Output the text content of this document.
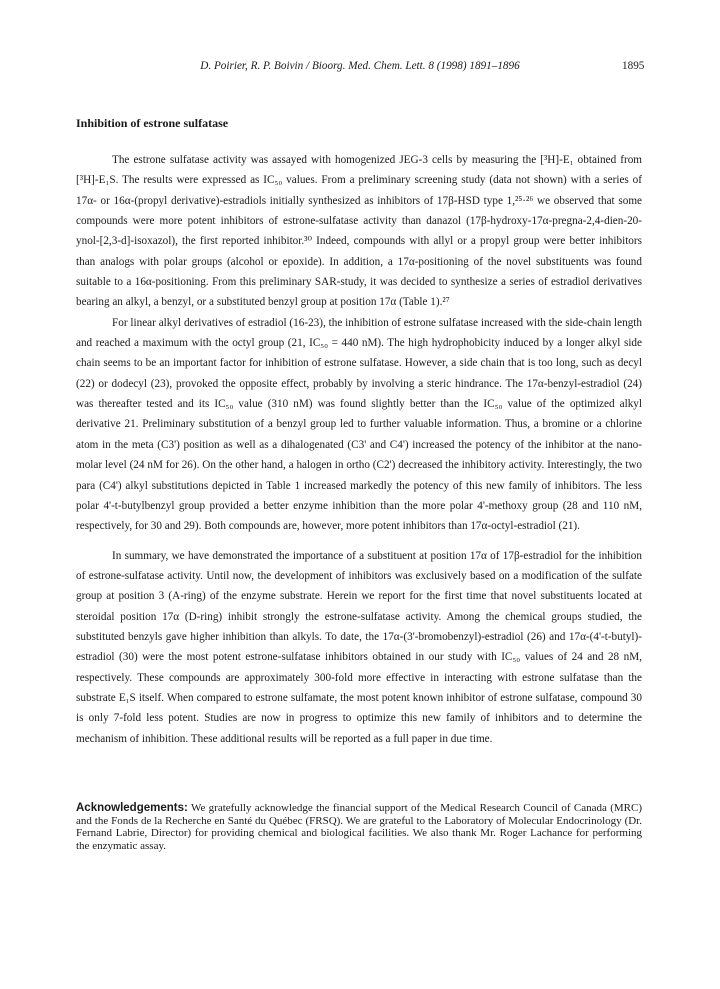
D. Poirier, R. P. Boivin / Bioorg. Med. Chem. Lett. 8 (1998) 1891–1896	1895
Inhibition of estrone sulfatase

The estrone sulfatase activity was assayed with homogenized JEG-3 cells by measuring the [³H]-E₁ obtained from [³H]-E₁S. The results were expressed as IC₅₀ values. From a preliminary screening study (data not shown) with a series of 17α- or 16α-(propyl derivative)-estradiols initially synthesized as inhibitors of 17β-HSD type 1,²⁵·²⁶ we observed that some compounds were more potent inhibitors of estrone-sulfatase activity than danazol (17β-hydroxy-17α-pregna-2,4-dien-20-ynol-[2,3-d]-isoxazol), the first reported inhibitor.³⁰ Indeed, compounds with allyl or a propyl group were better inhibitors than analogs with polar groups (alcohol or epoxide). In addition, a 17α-positioning of the novel substituents was found suitable to a 16α-positioning. From this preliminary SAR-study, it was decided to synthesize a series of estradiol derivatives bearing an alkyl, a benzyl, or a substituted benzyl group at position 17α (Table 1).²⁷

For linear alkyl derivatives of estradiol (16-23), the inhibition of estrone sulfatase increased with the side-chain length and reached a maximum with the octyl group (21, IC₅₀ = 440 nM). The high hydrophobicity induced by a longer alkyl side chain seems to be an important factor for inhibition of estrone sulfatase. However, a side chain that is too long, such as decyl (22) or dodecyl (23), provoked the opposite effect, probably by involving a steric hindrance. The 17α-benzyl-estradiol (24) was thereafter tested and its IC₅₀ value (310 nM) was found slightly better than the IC₅₀ value of the optimized alkyl derivative 21. Preliminary substitution of a benzyl group led to further valuable information. Thus, a bromine or a chlorine atom in the meta (C3') position as well as a dihalogenated (C3' and C4') increased the potency of the inhibitor at the nano-molar level (24 nM for 26). On the other hand, a halogen in ortho (C2') decreased the inhibitory activity. Interestingly, the two para (C4') alkyl substitutions depicted in Table 1 increased markedly the potency of this new family of inhibitors. The less polar 4'-t-butylbenzyl group provided a better enzyme inhibition than the more polar 4'-methoxy group (28 and 110 nM, respectively, for 30 and 29). Both compounds are, however, more potent inhibitors than 17α-octyl-estradiol (21).

In summary, we have demonstrated the importance of a substituent at position 17α of 17β-estradiol for the inhibition of estrone-sulfatase activity. Until now, the development of inhibitors was exclusively based on a modification of the sulfate group at position 3 (A-ring) of the enzyme substrate. Herein we report for the first time that novel substituents located at steroidal position 17α (D-ring) inhibit strongly the estrone-sulfatase activity. Among the chemical groups studied, the substituted benzyls gave higher inhibition than alkyls. To date, the 17α-(3'-bromobenzyl)-estradiol (26) and 17α-(4'-t-butyl)-estradiol (30) were the most potent estrone-sulfatase inhibitors obtained in our study with IC₅₀ values of 24 and 28 nM, respectively. These compounds are approximately 300-fold more effective in interacting with estrone sulfatase than the substrate E₁S itself. When compared to estrone sulfamate, the most potent known inhibitor of estrone sulfatase, compound 30 is only 7-fold less potent. Studies are now in progress to optimize this new family of inhibitors and to determine the mechanism of inhibition. These additional results will be reported as a full paper in due time.

Acknowledgements: We gratefully acknowledge the financial support of the Medical Research Council of Canada (MRC) and the Fonds de la Recherche en Santé du Québec (FRSQ). We are grateful to the Laboratory of Molecular Endocrinology (Dr. Fernand Labrie, Director) for providing chemical and biological facilities. We also thank Mr. Roger Lachance for performing the enzymatic assay.
